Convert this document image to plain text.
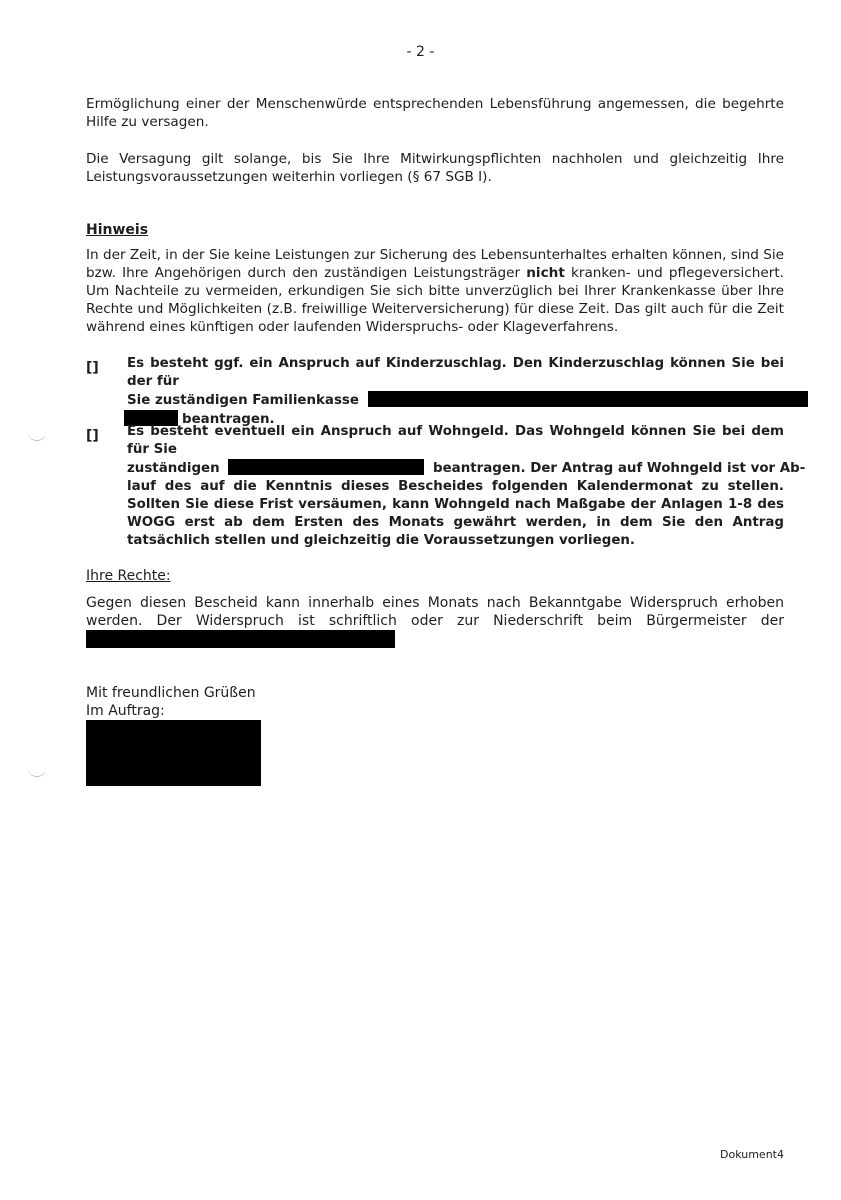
- 2 -
Ermöglichung einer der Menschenwürde entsprechenden Lebensführung angemessen, die begehrte Hilfe zu versagen.
Die Versagung gilt solange, bis Sie Ihre Mitwirkungspflichten nachholen und gleichzeitig Ihre Leistungsvoraussetzungen weiterhin vorliegen (§ 67 SGB I).
Hinweis
In der Zeit, in der Sie keine Leistungen zur Sicherung des Lebensunterhaltes erhalten können, sind Sie bzw. Ihre Angehörigen durch den zuständigen Leistungsträger nicht kranken- und pflegeversichert. Um Nachteile zu vermeiden, erkundigen Sie sich bitte unverzüglich bei Ihrer Krankenkasse über Ihre Rechte und Möglichkeiten (z.B. freiwillige Weiterversicherung) für diese Zeit. Das gilt auch für die Zeit während eines künftigen oder laufenden Widerspruchs- oder Klageverfahrens.
[] Es besteht ggf. ein Anspruch auf Kinderzuschlag. Den Kinderzuschlag können Sie bei der für
Sie zuständigen Familienkasse
beantragen.
[] Es besteht eventuell ein Anspruch auf Wohngeld. Das Wohngeld können Sie bei dem für Sie
zuständigen	beantragen. Der Antrag auf Wohngeld ist vor Ab-
lauf des auf die Kenntnis dieses Bescheides folgenden Kalendermonat zu stellen. Sollten Sie diese Frist versäumen, kann Wohngeld nach Maßgabe der Anlagen 1-8 des WOGG erst ab dem Ersten des Monats gewährt werden, in dem Sie den Antrag tatsächlich stellen und gleichzeitig die Voraussetzungen vorliegen.
Ihre Rechte:
Gegen diesen Bescheid kann innerhalb eines Monats nach Bekanntgabe Widerspruch erhoben werden. Der Widerspruch ist schriftlich oder zur Niederschrift beim Bürgermeister der
Mit freundlichen Grüßen
Im Auftrag:
Dokument4
